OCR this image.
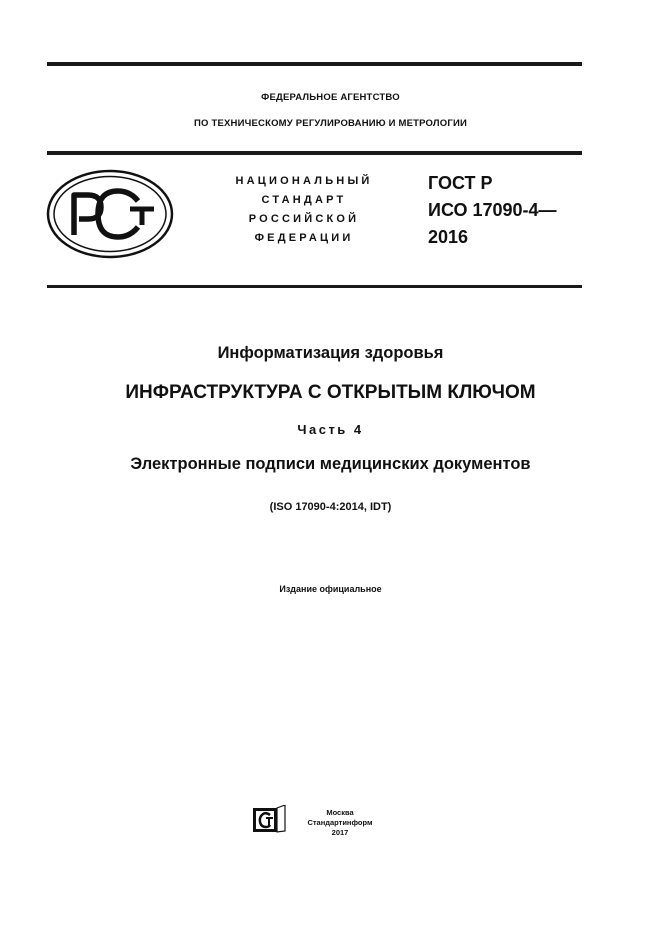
ФЕДЕРАЛЬНОЕ АГЕНТСТВО
ПО ТЕХНИЧЕСКОМУ РЕГУЛИРОВАНИЮ И МЕТРОЛОГИИ
НАЦИОНАЛЬНЫЙ
СТАНДАРТ
РОССИЙСКОЙ
ФЕДЕРАЦИИ
ГОСТ Р
ИСО 17090-4—
2016
Информатизация здоровья
ИНФРАСТРУКТУРА С ОТКРЫТЫМ КЛЮЧОМ
Часть 4
Электронные подписи медицинских документов
(ISO 17090-4:2014, IDT)
Издание официальное
Москва
Стандартинформ
2017
